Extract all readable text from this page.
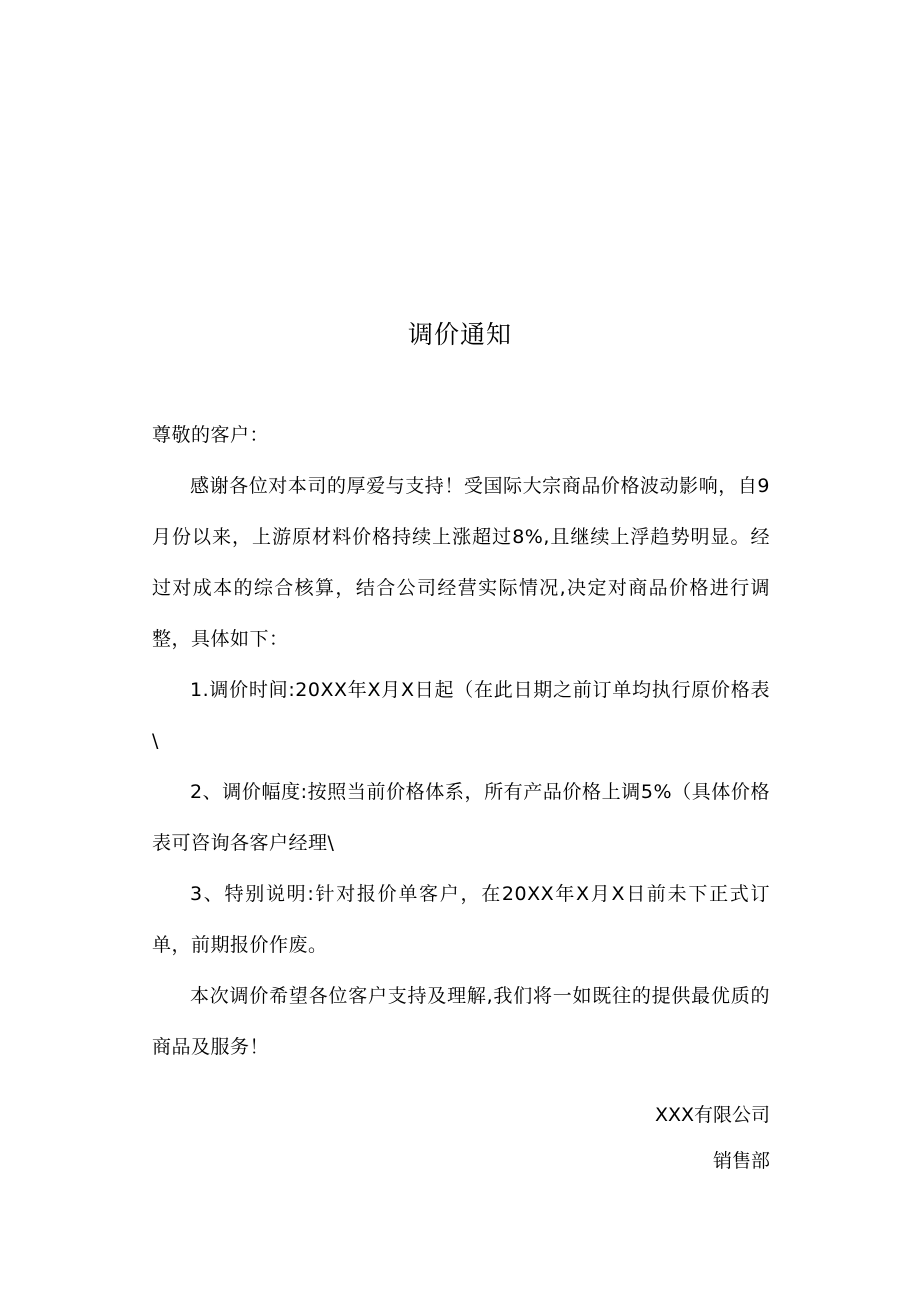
调价通知

尊敬的客户：

感谢各位对本司的厚爱与支持！受国际大宗商品价格波动影响，自9月份以来，上游原材料价格持续上涨超过8%,且继续上浮趋势明显。经过对成本的综合核算，结合公司经营实际情况,决定对商品价格进行调整，具体如下：

1.调价时间:20XX年X月X日起（在此日期之前订单均执行原价格表\

2、调价幅度:按照当前价格体系，所有产品价格上调5%（具体价格表可咨询各客户经理\

3、特别说明:针对报价单客户，在20XX年X月X日前未下正式订单，前期报价作废。

本次调价希望各位客户支持及理解,我们将一如既往的提供最优质的商品及服务！

XXX有限公司
销售部
